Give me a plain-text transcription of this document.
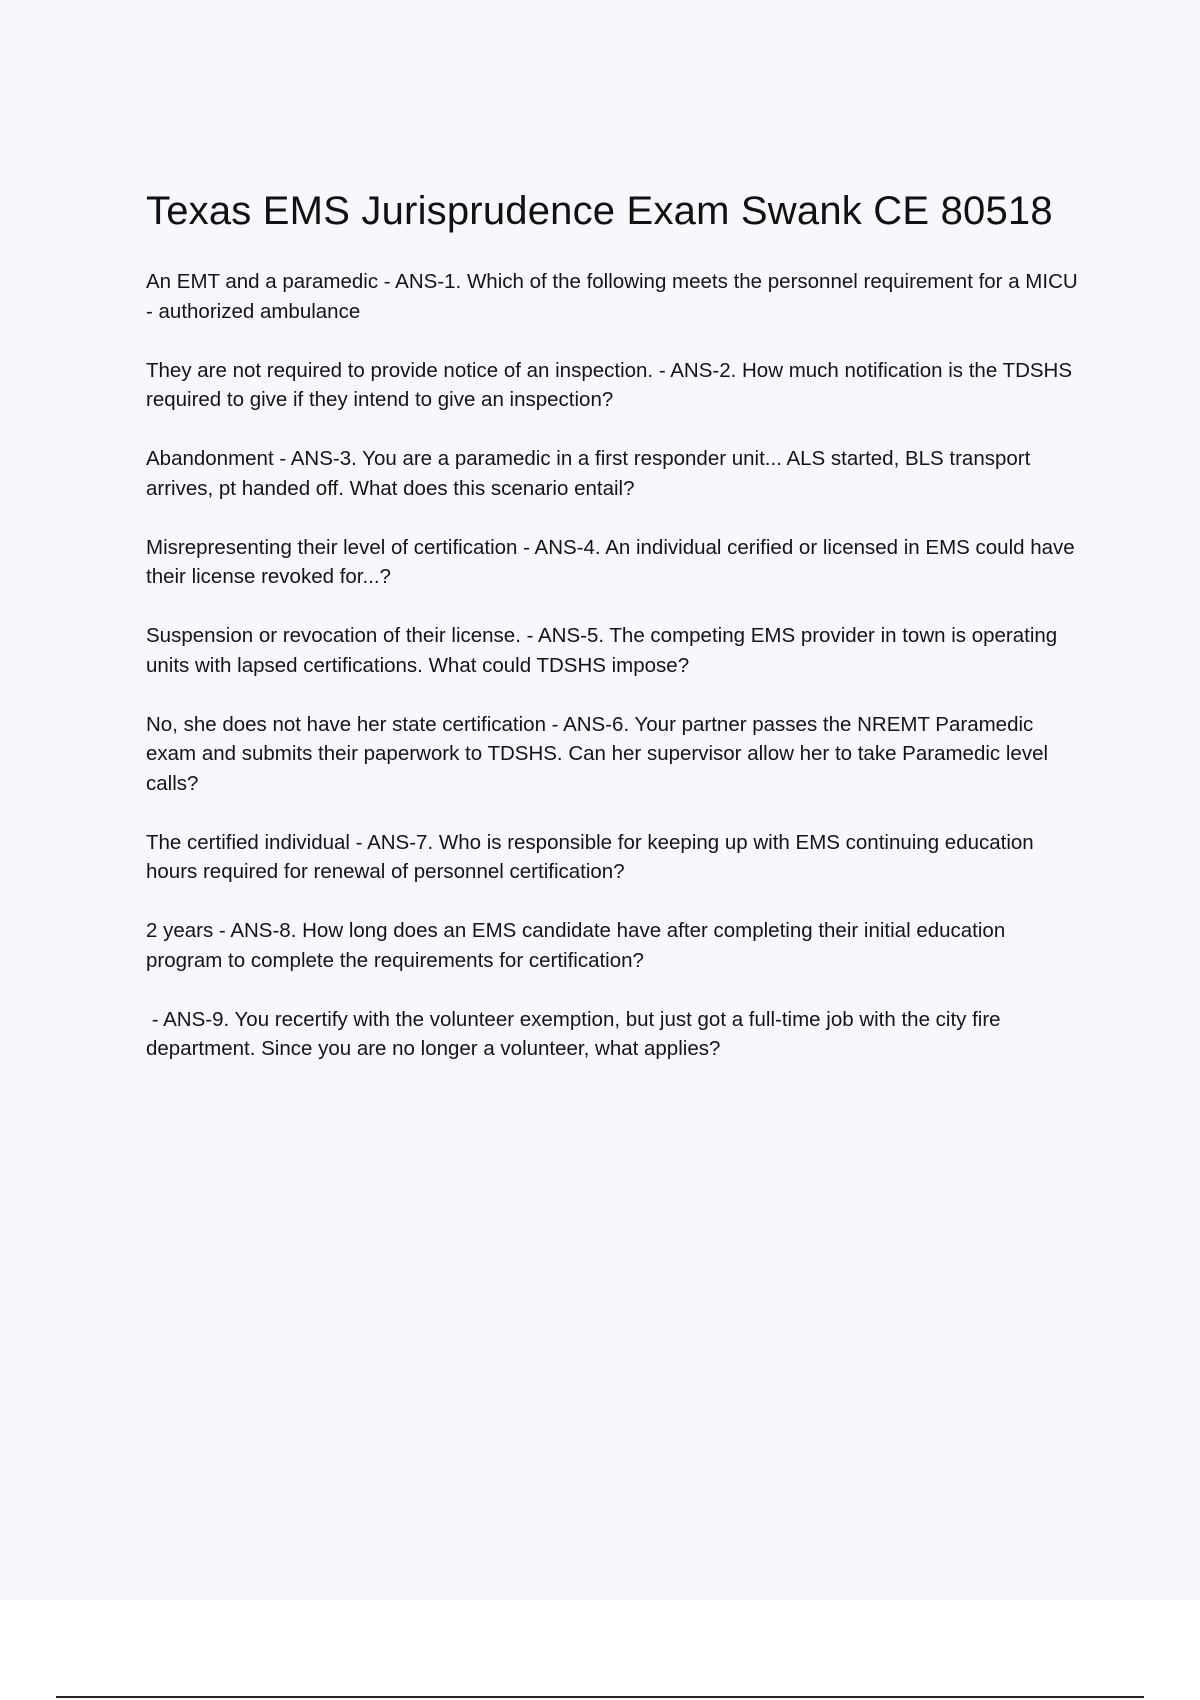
Texas EMS Jurisprudence Exam Swank CE 80518
An EMT and a paramedic - ANS-1. Which of the following meets the personnel requirement for a MICU - authorized ambulance
They are not required to provide notice of an inspection. - ANS-2. How much notification is the TDSHS required to give if they intend to give an inspection?
Abandonment - ANS-3. You are a paramedic in a first responder unit... ALS started, BLS transport arrives, pt handed off. What does this scenario entail?
Misrepresenting their level of certification - ANS-4. An individual cerified or licensed in EMS could have their license revoked for...?
Suspension or revocation of their license. - ANS-5. The competing EMS provider in town is operating units with lapsed certifications. What could TDSHS impose?
No, she does not have her state certification - ANS-6. Your partner passes the NREMT Paramedic exam and submits their paperwork to TDSHS. Can her supervisor allow her to take Paramedic level calls?
The certified individual - ANS-7. Who is responsible for keeping up with EMS continuing education hours required for renewal of personnel certification?
2 years - ANS-8. How long does an EMS candidate have after completing their initial education program to complete the requirements for certification?
- ANS-9. You recertify with the volunteer exemption, but just got a full-time job with the city fire department. Since you are no longer a volunteer, what applies?
